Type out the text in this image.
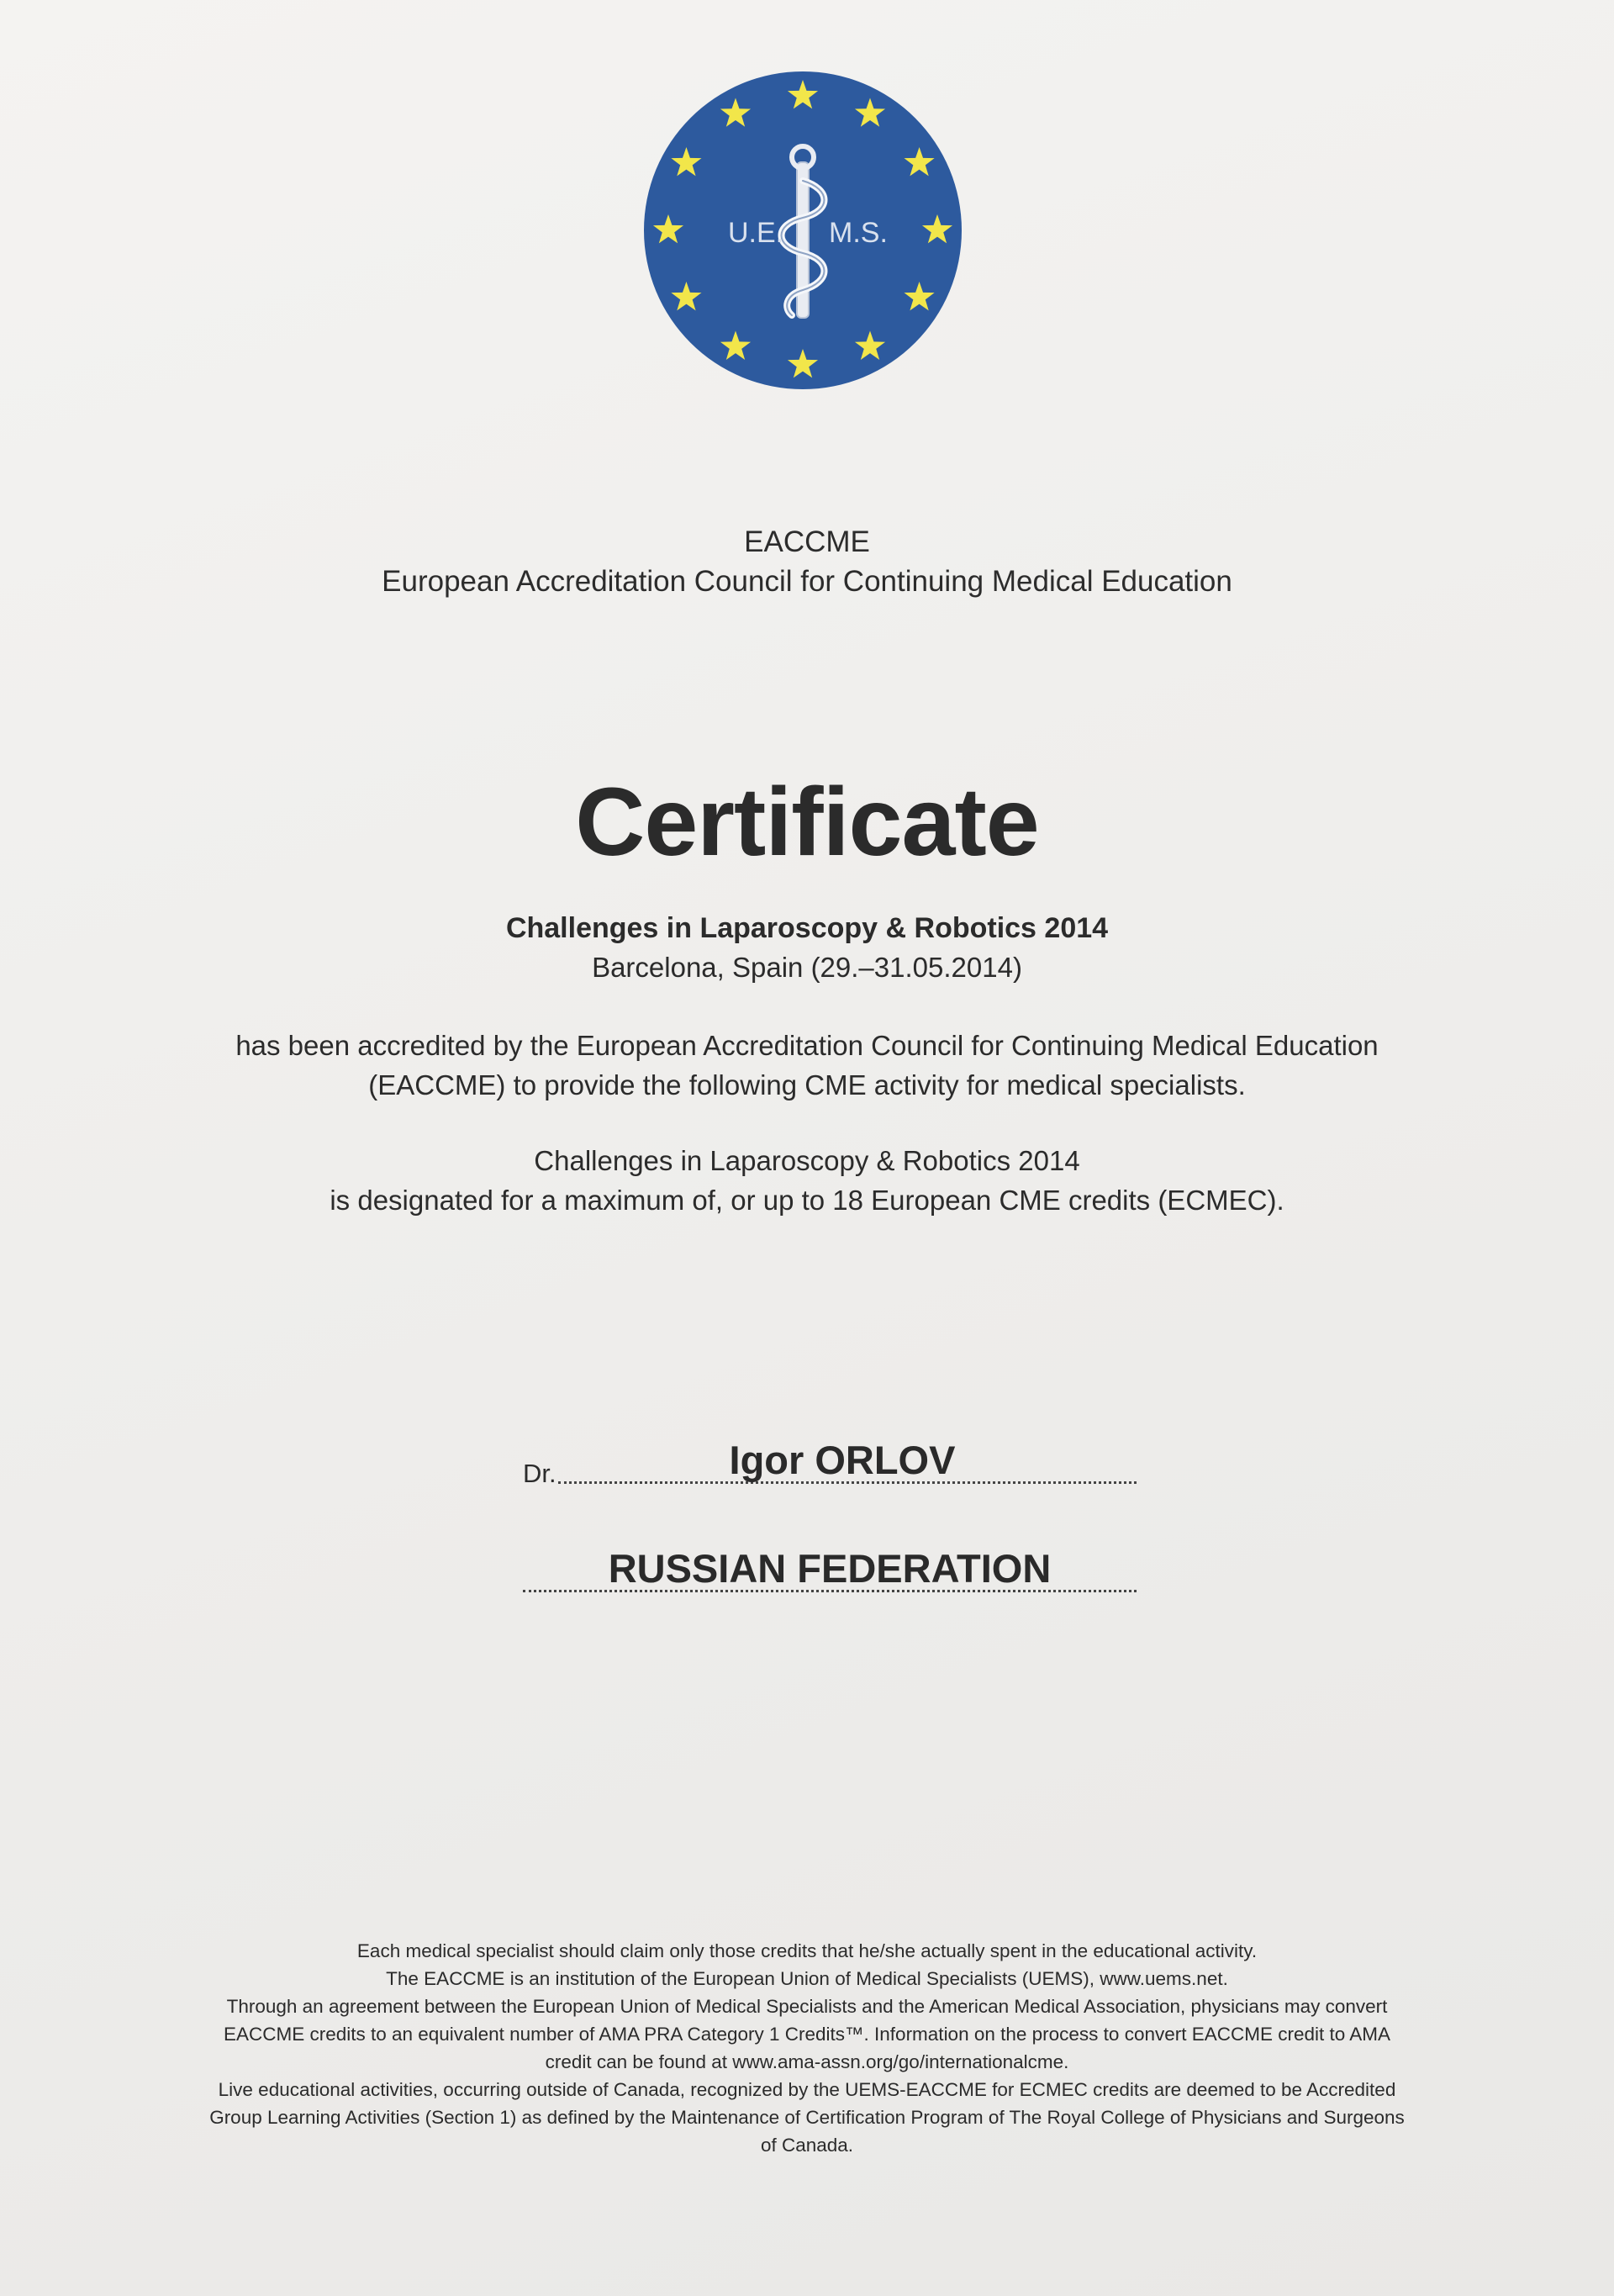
U.E. M.S.
EACCME
European Accreditation Council for Continuing Medical Education
Certificate
Challenges in Laparoscopy & Robotics 2014
Barcelona, Spain (29.–31.05.2014)
has been accredited by the European Accreditation Council for Continuing Medical Education
(EACCME) to provide the following CME activity for medical specialists.
Challenges in Laparoscopy & Robotics 2014
is designated for a maximum of, or up to 18 European CME credits (ECMEC).
Dr.	Igor ORLOV
RUSSIAN FEDERATION
Each medical specialist should claim only those credits that he/she actually spent in the educational activity.
The EACCME is an institution of the European Union of Medical Specialists (UEMS), www.uems.net.
Through an agreement between the European Union of Medical Specialists and the American Medical Association, physicians may convert
EACCME credits to an equivalent number of AMA PRA Category 1 Credits™. Information on the process to convert EACCME credit to AMA
credit can be found at www.ama-assn.org/go/internationalcme.
Live educational activities, occurring outside of Canada, recognized by the UEMS-EACCME for ECMEC credits are deemed to be Accredited
Group Learning Activities (Section 1) as defined by the Maintenance of Certification Program of The Royal College of Physicians and Surgeons
of Canada.
